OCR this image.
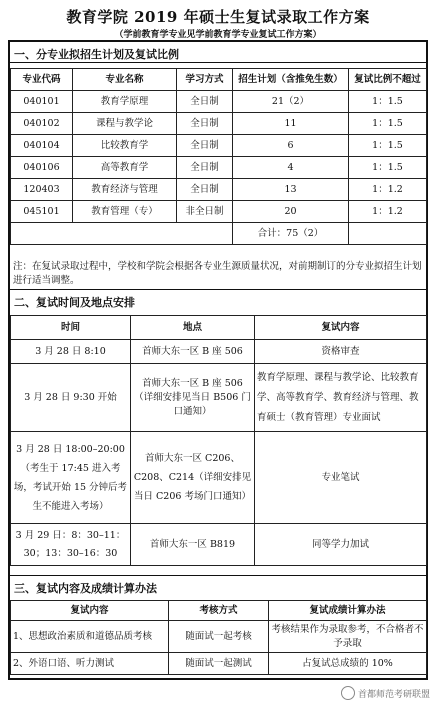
教育学院 2019 年硕士生复试录取工作方案
（学前教育学专业见学前教育学专业复试工作方案）
一、分专业拟招生计划及复试比例
专业代码	专业名称	学习方式	招生计划（含推免生数）	复试比例不超过
040101	教育学原理	全日制	21（2）	1：1.5
040102	课程与教学论	全日制	11	1：1.5
040104	比较教育学	全日制	6	1：1.5
040106	高等教育学	全日制	4	1：1.5
120403	教育经济与管理	全日制	13	1：1.2
045101	教育管理（专）	非全日制	20	1：1.2
			合计：75（2）	
注：在复试录取过程中，学校和学院会根据各专业生源质量状况，对前期制订的分专业拟招生计划进行适当调整。
二、复试时间及地点安排
时间	地点	复试内容
3 月 28 日 8:10	首师大东一区 B 座 506	资格审查
3 月 28 日 9:30 开始	首师大东一区 B 座 506（详细安排见当日 B506 门口通知）	教育学原理、课程与教学论、比较教育学、高等教育学、教育经济与管理、教育硕士（教育管理）专业面试
3 月 28 日 18:00–20:00（考生于 17:45 进入考场，考试开始 15 分钟后考生不能进入考场）	首师大东一区 C206、C208、C214（详细安排见当日 C206 考场门口通知）	专业笔试
3 月 29 日：8：30–11：30；13：30–16：30	首师大东一区 B819	同等学力加试
三、复试内容及成绩计算办法
复试内容	考核方式	复试成绩计算办法
1、思想政治素质和道德品质考核	随面试一起考核	考核结果作为录取参考，不合格者不予录取
2、外语口语、听力测试	随面试一起测试	占复试总成绩的 10%
首都师范考研联盟
